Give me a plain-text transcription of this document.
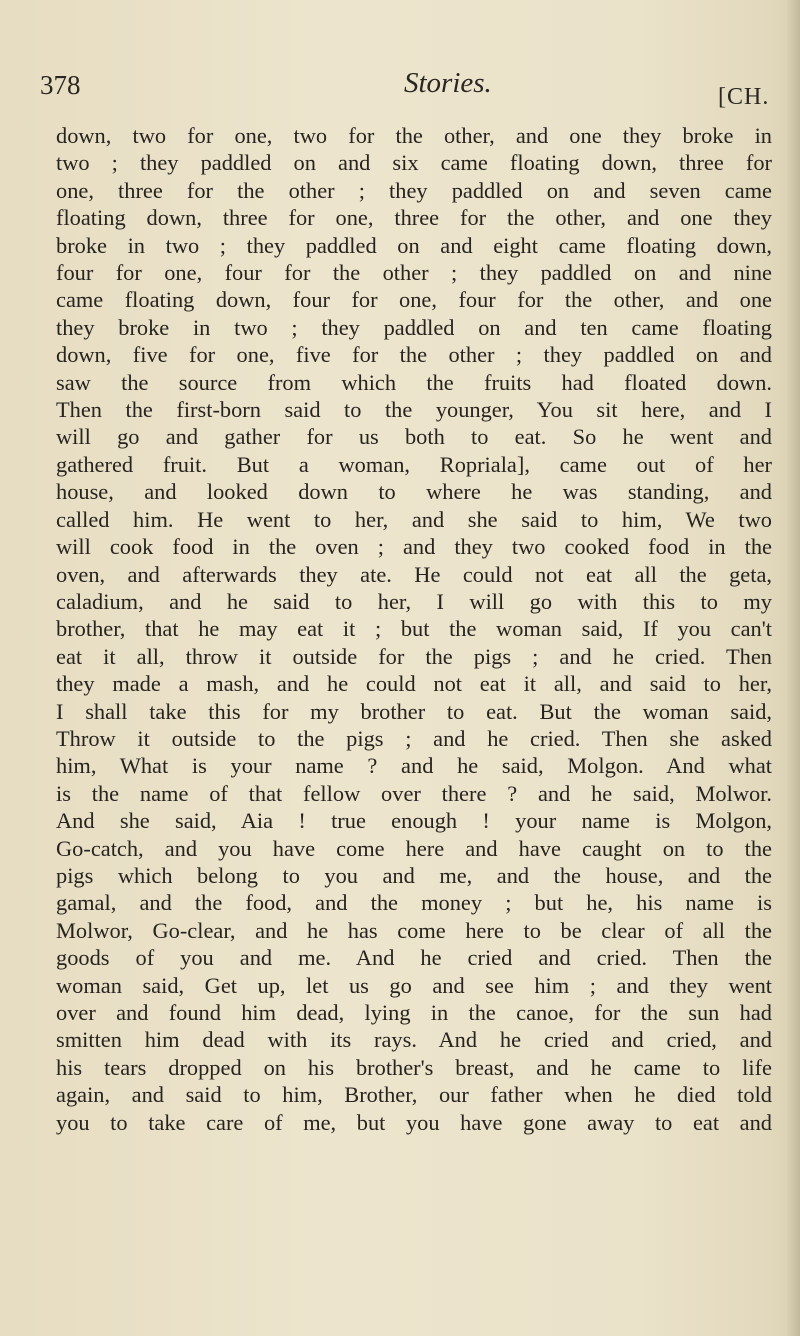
378	Stories.	[CH.

down, two for one, two for the other, and one they broke in
two ; they paddled on and six came floating down, three for
one, three for the other ; they paddled on and seven came
floating down, three for one, three for the other, and one they
broke in two ; they paddled on and eight came floating down,
four for one, four for the other ; they paddled on and nine
came floating down, four for one, four for the other, and one
they broke in two ; they paddled on and ten came floating
down, five for one, five for the other ; they paddled on and
saw the source from which the fruits had floated down.
Then the first-born said to the younger, You sit here, and I
will go and gather for us both to eat. So he went and
gathered fruit. But a woman, Ropriala], came out of her
house, and looked down to where he was standing, and
called him. He went to her, and she said to him, We two
will cook food in the oven ; and they two cooked food in the
oven, and afterwards they ate. He could not eat all the geta,
caladium, and he said to her, I will go with this to my
brother, that he may eat it ; but the woman said, If you can't
eat it all, throw it outside for the pigs ; and he cried. Then
they made a mash, and he could not eat it all, and said to her,
I shall take this for my brother to eat. But the woman said,
Throw it outside to the pigs ; and he cried. Then she asked
him, What is your name ? and he said, Molgon. And what
is the name of that fellow over there ? and he said, Molwor.
And she said, Aia ! true enough ! your name is Molgon,
Go-catch, and you have come here and have caught on to the
pigs which belong to you and me, and the house, and the
gamal, and the food, and the money ; but he, his name is
Molwor, Go-clear, and he has come here to be clear of all the
goods of you and me. And he cried and cried. Then the
woman said, Get up, let us go and see him ; and they went
over and found him dead, lying in the canoe, for the sun had
smitten him dead with its rays. And he cried and cried, and
his tears dropped on his brother's breast, and he came to life
again, and said to him, Brother, our father when he died told
you to take care of me, but you have gone away to eat and
